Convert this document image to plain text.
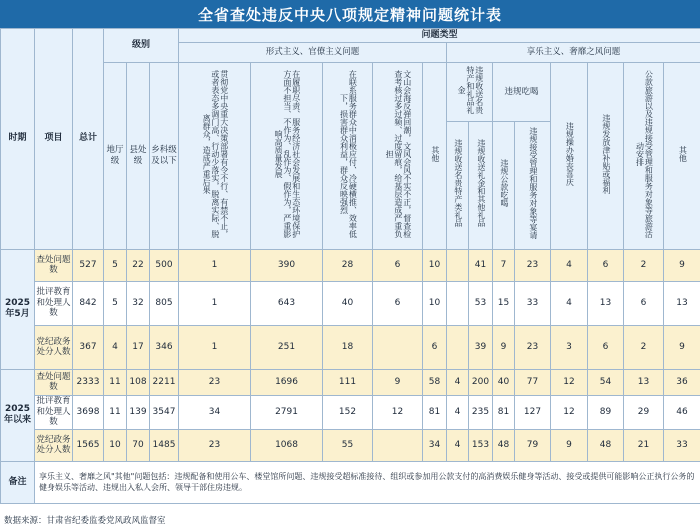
全省查处违反中央八项规定精神问题统计表
时期	项目	总计	级别			问题类型												
						形式主义、官僚主义问题					享乐主义、奢靡之风问题							
			地厅级	县处级	乡科级及以下	贯彻党中央重大决策部署有令不行、有禁不止，或者表态多调门高、行动少落实，脱离实际、脱离群众，造成严重后果	在履职尽责、服务经济社会发展和生态环境保护方面不担当、不作为、乱作为、假作为，严重影响高质量发展	在联系服务群众中消极应付、冷硬横推、效率低下，损害群众利益，群众反映强烈	文山会海反弹回潮，文风会风不实不正，督查检查考核过多过频、过度留痕，给基层造成严重负担	其他	违规收送名贵特产和礼品礼金		违规吃喝		违规操办婚丧喜庆	违规发放津补贴或福利	公款旅游以及违规接受管理和服务对象等旅游活动安排	其他
											违规收送名贵特产类礼品	违规收送礼金和其他礼品	违规公款吃喝	违规接受管理和服务对象等宴请				
2025年5月	查处问题数	527	5	22	500	1	390	28	6	10		41	7	23	4	6	2	9
	批评教育和处理人数	842	5	32	805	1	643	40	6	10		53	15	33	4	13	6	13
	党纪政务处分人数	367	4	17	346	1	251	18		6		39	9	23	3	6	2	9
2025年以来	查处问题数	2333	11	108	2211	23	1696	111	9	58	4	200	40	77	12	54	13	36
	批评教育和处理人数	3698	11	139	3547	34	2791	152	12	81	4	235	81	127	12	89	29	46
	党纪政务处分人数	1565	10	70	1485	23	1068	55		34	4	153	48	79	9	48	21	33
备注	享乐主义、奢靡之风"其他"问题包括：违规配备和使用公车、楼堂馆所问题、违规接受超标准接待、组织或参加用公款支付的高消费娱乐健身等活动、接受或提供可能影响公正执行公务的健身娱乐等活动、违规出入私人会所、领导干部住房违规。																	
数据来源：甘肃省纪委监委党风政风监督室
